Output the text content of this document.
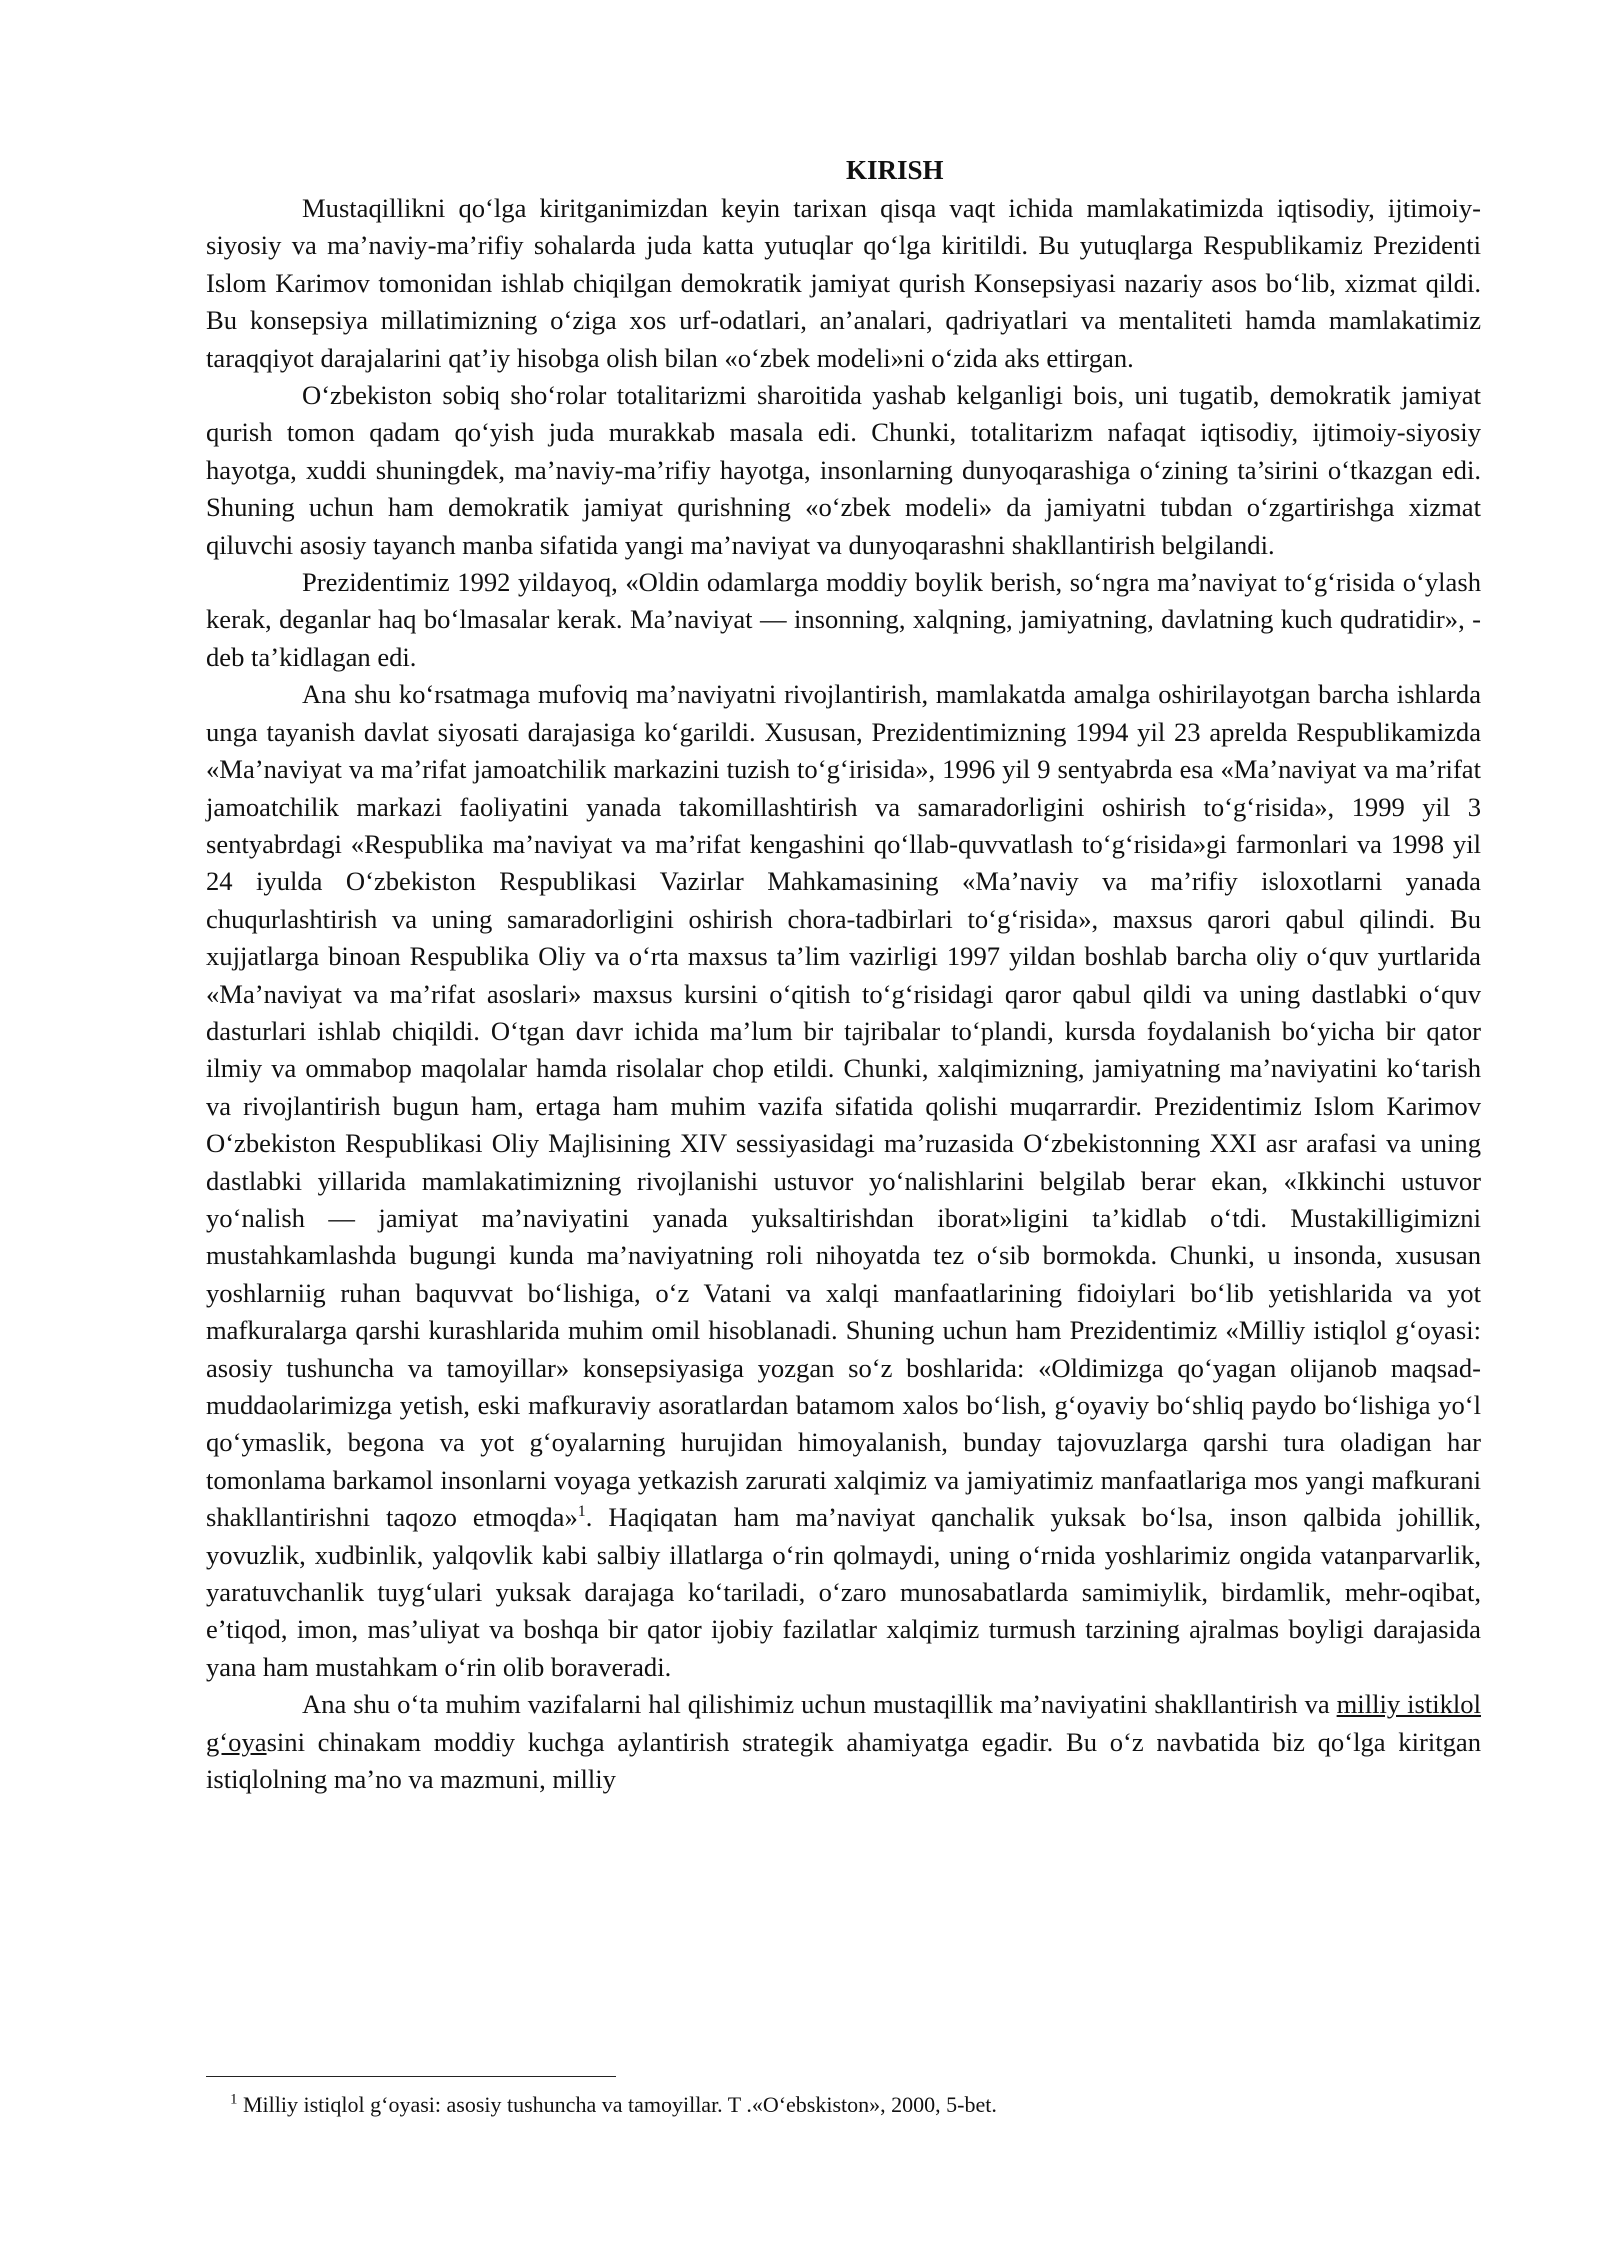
KIRISH

Mustaqillikni qo‘lga kiritganimizdan keyin tarixan qisqa vaqt ichida mamlakatimizda iqtisodiy, ijtimoiy-siyosiy va ma’naviy-ma’rifiy sohalarda juda katta yutuqlar qo‘lga kiritildi. Bu yutuqlarga Respublikamiz Prezidenti Islom Karimov tomonidan ishlab chiqilgan demokratik jamiyat qurish Konsepsiyasi nazariy asos bo‘lib, xizmat qildi. Bu konsepsiya millatimizning o‘ziga xos urf-odatlari, an’analari, qadriyatlari va mentaliteti hamda mamlakatimiz taraqqiyot darajalarini qat’iy hisobga olish bilan «o‘zbek modeli»ni o‘zida aks ettirgan.

O‘zbekiston sobiq sho‘rolar totalitarizmi sharoitida yashab kelganligi bois, uni tugatib, demokratik jamiyat qurish tomon qadam qo‘yish juda murakkab masala edi. Chunki, totalitarizm nafaqat iqtisodiy, ijtimoiy-siyosiy hayotga, xuddi shuningdek, ma’naviy-ma’rifiy hayotga, insonlarning dunyoqarashiga o‘zining ta’sirini o‘tkazgan edi. Shuning uchun ham demokratik jamiyat qurishning «o‘zbek modeli» da jamiyatni tubdan o‘zgartirishga xizmat qiluvchi asosiy tayanch manba sifatida yangi ma’naviyat va dunyoqarashni shakllantirish belgilandi.

Prezidentimiz 1992 yildayoq, «Oldin odamlarga moddiy boylik berish, so‘ngra ma’naviyat to‘g‘risida o‘ylash kerak, deganlar haq bo‘lmasalar kerak. Ma’naviyat — insonning, xalqning, jamiyatning, davlatning kuch qudratidir», - deb ta’kidlagan edi.

Ana shu ko‘rsatmaga mufoviq ma’naviyatni rivojlantirish, mamlakatda amalga oshirilayotgan barcha ishlarda unga tayanish davlat siyosati darajasiga ko‘garildi. Xususan, Prezidentimizning 1994 yil 23 aprelda Respublikamizda «Ma’naviyat va ma’rifat jamoatchilik markazini tuzish to‘g‘irisida», 1996 yil 9 sentyabrda esa «Ma’naviyat va ma’rifat jamoatchilik markazi faoliyatini yanada takomillashtirish va samaradorligini oshirish to‘g‘risida», 1999 yil 3 sentyabrdagi «Respublika ma’naviyat va ma’rifat kengashini qo‘llab-quvvatlash to‘g‘risida»gi farmonlari va 1998 yil 24 iyulda O‘zbekiston Respublikasi Vazirlar Mahkamasining «Ma’naviy va ma’rifiy isloxotlarni yanada chuqurlashtirish va uning samaradorligini oshirish chora-tadbirlari to‘g‘risida», maxsus qarori qabul qilindi. Bu xujjatlarga binoan Respublika Oliy va o‘rta maxsus ta’lim vazirligi 1997 yildan boshlab barcha oliy o‘quv yurtlarida «Ma’naviyat va ma’rifat asoslari» maxsus kursini o‘qitish to‘g‘risidagi qaror qabul qildi va uning dastlabki o‘quv dasturlari ishlab chiqildi. O‘tgan davr ichida ma’lum bir tajribalar to‘plandi, kursda foydalanish bo‘yicha bir qator ilmiy va ommabop maqolalar hamda risolalar chop etildi. Chunki, xalqimizning, jamiyatning ma’naviyatini ko‘tarish va rivojlantirish bugun ham, ertaga ham muhim vazifa sifatida qolishi muqarrardir. Prezidentimiz Islom Karimov O‘zbekiston Respublikasi Oliy Majlisining XIV sessiyasidagi ma’ruzasida O‘zbekistonning XXI asr arafasi va uning dastlabki yillarida mamlakatimizning rivojlanishi ustuvor yo‘nalishlarini belgilab berar ekan, «Ikkinchi ustuvor yo‘nalish — jamiyat ma’naviyatini yanada yuksaltirishdan iborat»ligini ta’kidlab o‘tdi. Mustakilligimizni mustahkamlashda bugungi kunda ma’naviyatning roli nihoyatda tez o‘sib bormokda. Chunki, u insonda, xususan yoshlarniig ruhan baquvvat bo‘lishiga, o‘z Vatani va xalqi manfaatlarining fidoiylari bo‘lib yetishlarida va yot mafkuralarga qarshi kurashlarida muhim omil hisoblanadi. Shuning uchun ham Prezidentimiz «Milliy istiqlol g‘oyasi: asosiy tushuncha va tamoyillar» konsepsiyasiga yozgan so‘z boshlarida: «Oldimizga qo‘yagan olijanob maqsad-muddaolarimizga yetish, eski mafkuraviy asoratlardan batamom xalos bo‘lish, g‘oyaviy bo‘shliq paydo bo‘lishiga yo‘l qo‘ymaslik, begona va yot g‘oyalarning hurujidan himoyalanish, bunday tajovuzlarga qarshi tura oladigan har tomonlama barkamol insonlarni voyaga yetkazish zarurati xalqimiz va jamiyatimiz manfaatlariga mos yangi mafkurani shakllantirishni taqozo etmoqda»$^1$. Haqiqatan ham ma’naviyat qanchalik yuksak bo‘lsa, inson qalbida johillik, yovuzlik, xudbinlik, yalqovlik kabi salbiy illatlarga o‘rin qolmaydi, uning o‘rnida yoshlarimiz ongida vatanparvarlik, yaratuvchanlik tuyg‘ulari yuksak darajaga ko‘tariladi, o‘zaro munosabatlarda samimiylik, birdamlik, mehr-oqibat, e’tiqod, imon, mas’uliyat va boshqa bir qator ijobiy fazilatlar xalqimiz turmush tarzining ajralmas boyligi darajasida yana ham mustahkam o‘rin olib boraveradi.

Ana shu o‘ta muhim vazifalarni hal qilishimiz uchun mustaqillik ma’naviyatini shakllantirish va milliy istiklol g‘oyasini chinakam moddiy kuchga aylantirish strategik ahamiyatga egadir. Bu o‘z navbatida biz qo‘lga kiritgan istiqlolning ma’no va mazmuni, milliy

$^1$ Milliy istiqlol g‘oyasi: asosiy tushuncha va tamoyillar. T .«O‘ebskiston», 2000, 5-bet.
